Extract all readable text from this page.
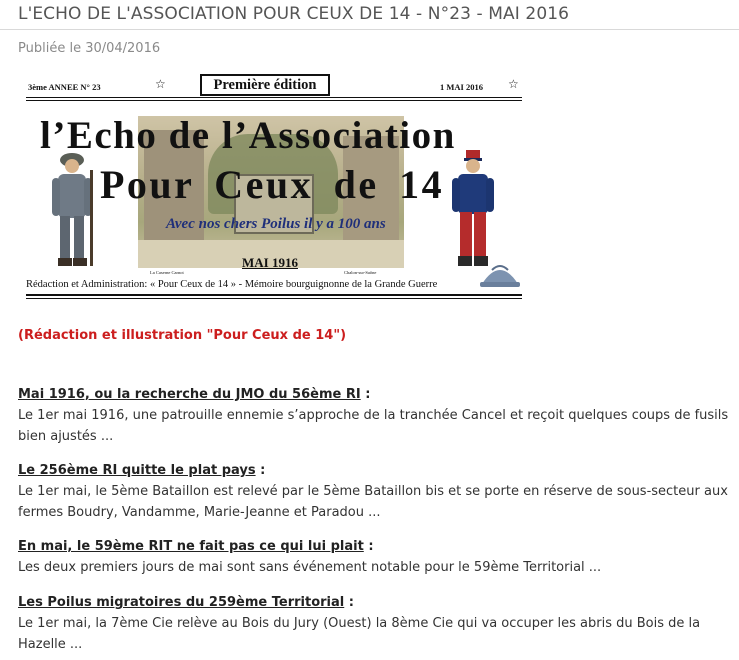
L'ECHO DE L'ASSOCIATION POUR CEUX DE 14 - N°23 - MAI 2016
Publiée le 30/04/2016
3ème ANNEE N° 23	☆	Première édition	1 MAI 2016 ☆
l’Echo de l’Association
Pour Ceux de 14
Avec nos chers Poilus il y a 100 ans
La Caserne Carnot
MAI 1916
Chalon-sur-Saône
Rédaction et Administration: « Pour Ceux de 14 » - Mémoire bourguignonne de la Grande Guerre
(Rédaction et illustration "Pour Ceux de 14")

Mai 1916, ou la recherche du JMO du 56ème RI :

Le 1er mai 1916, une patrouille ennemie s’approche de la tranchée Cancel et reçoit quelques coups de fusils bien ajustés ...

Le 256ème RI quitte le plat pays :

Le 1er mai, le 5ème Bataillon est relevé par le 5ème Bataillon bis et se porte en réserve de sous-secteur aux fermes Boudry, Vandamme, Marie-Jeanne et Paradou ...

En mai, le 59ème RIT ne fait pas ce qui lui plait :

Les deux premiers jours de mai sont sans événement notable pour le 59ème Territorial ...

Les Poilus migratoires du 259ème Territorial :

Le 1er mai, la 7ème Cie relève au Bois du Jury (Ouest) la 8ème Cie qui va occuper les abris du Bois de la Hazelle ...
